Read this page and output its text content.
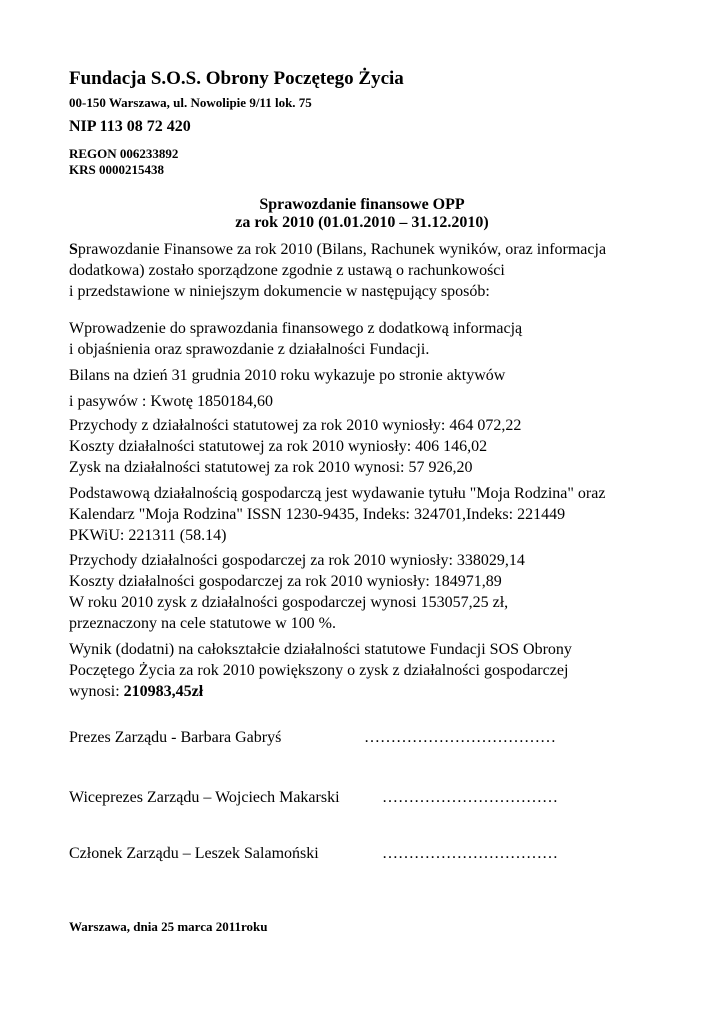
Fundacja S.O.S. Obrony Poczętego Życia
00-150 Warszawa, ul. Nowolipie 9/11 lok. 75
NIP 113 08 72 420
REGON 006233892
KRS 0000215438
Sprawozdanie finansowe OPP
za rok 2010 (01.01.2010 – 31.12.2010)
Sprawozdanie Finansowe za rok 2010 (Bilans, Rachunek wyników, oraz informacja
dodatkowa) zostało sporządzone zgodnie z ustawą o rachunkowości
i przedstawione w niniejszym dokumencie w następujący sposób:
Wprowadzenie do sprawozdania finansowego z dodatkową informacją
i objaśnienia oraz sprawozdanie z działalności Fundacji.
Bilans na dzień 31 grudnia 2010 roku wykazuje po stronie aktywów
i pasywów : Kwotę 1850184,60
Przychody z działalności statutowej za rok 2010 wyniosły: 464 072,22
Koszty działalności statutowej za rok 2010 wyniosły: 406 146,02
Zysk na działalności statutowej za rok 2010 wynosi: 57 926,20
Podstawową działalnością gospodarczą jest wydawanie tytułu "Moja Rodzina" oraz
Kalendarz "Moja Rodzina" ISSN 1230-9435, Indeks: 324701,Indeks: 221449
PKWiU: 221311 (58.14)
Przychody działalności gospodarczej za rok 2010 wyniosły: 338029,14
Koszty działalności gospodarczej za rok 2010 wyniosły: 184971,89
W roku 2010 zysk z działalności gospodarczej wynosi 153057,25 zł,
przeznaczony na cele statutowe w 100 %.
Wynik (dodatni) na całokształcie działalności statutowe Fundacji SOS Obrony
Poczętego Życia za rok 2010 powiększony o zysk z działalności gospodarczej
wynosi: 210983,45zł
Prezes Zarządu - Barbara Gabryś	………………………………
Wiceprezes Zarządu – Wojciech Makarski	……………………………
Członek Zarządu – Leszek Salamoński	……………………………
Warszawa, dnia 25 marca 2011roku
